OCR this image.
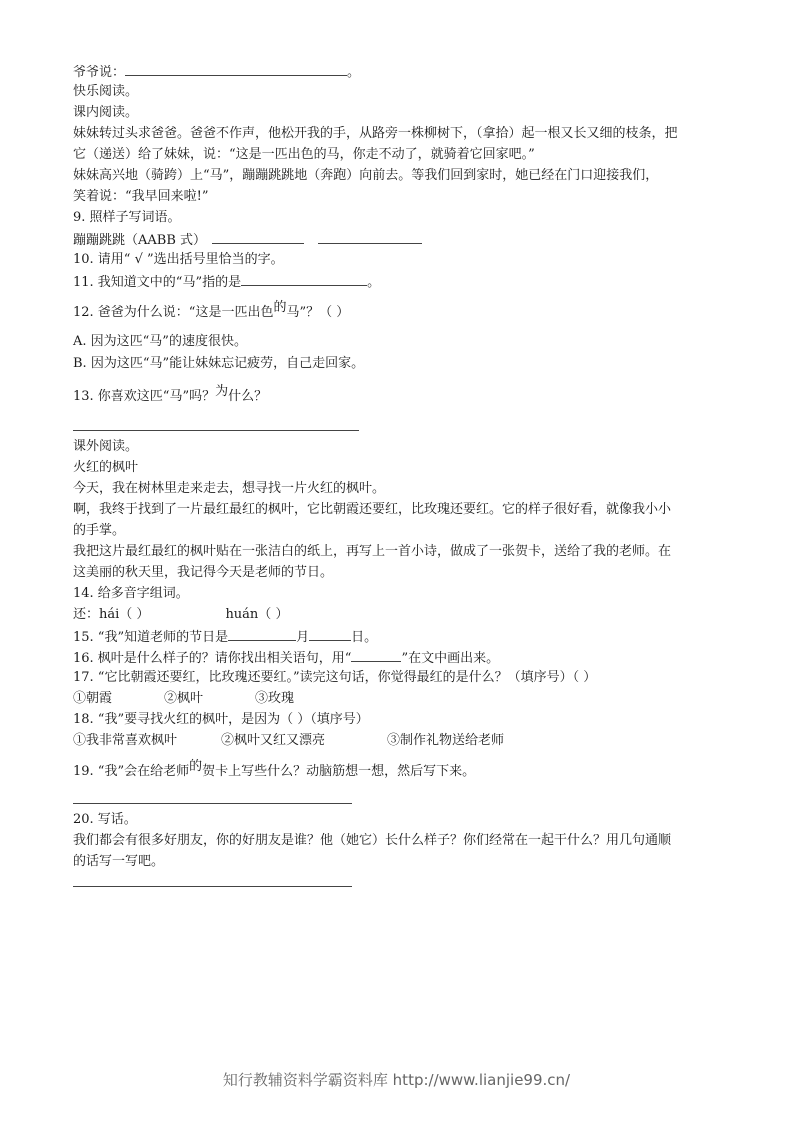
爷爷说：	。
快乐阅读。
课内阅读。
妹妹转过头求爸爸。爸爸不作声，他松开我的手，从路旁一株柳树下，（拿拾）起一根又长又细的枝条，把
它（递送）给了妹妹，说：“这是一匹出色的马，你走不动了，就骑着它回家吧。”
妹妹高兴地（骑跨）上“马”，蹦蹦跳跳地（奔跑）向前去。等我们回到家时，她已经在门口迎接我们，
笑着说：“我早回来啦!”
9. 照样子写词语。
蹦蹦跳跳（AABB 式）
10. 请用“ √ ”选出括号里恰当的字。
11. 我知道文中的“马”指的是	。
12. 爸爸为什么说：“这是一匹出色的马”？（ ）
A. 因为这匹“马”的速度很快。
B. 因为这匹“马”能让妹妹忘记疲劳，自己走回家。
13. 你喜欢这匹“马”吗？为什么？
课外阅读。
火红的枫叶
今天，我在树林里走来走去，想寻找一片火红的枫叶。
啊，我终于找到了一片最红最红的枫叶，它比朝霞还要红，比玫瑰还要红。它的样子很好看，就像我小小
的手掌。
我把这片最红最红的枫叶贴在一张洁白的纸上，再写上一首小诗，做成了一张贺卡，送给了我的老师。在
这美丽的秋天里，我记得今天是老师的节日。
14. 给多音字组词。
还：hái（ ）	huán（ ）
15. “我”知道老师的节日是	月	日。
16. 枫叶是什么样子的？请你找出相关语句，用“	”在文中画出来。
17. “它比朝霞还要红，比玫瑰还要红。”读完这句话，你觉得最红的是什么？（填序号）（ ）
①朝霞	②枫叶	③玫瑰
18. “我”要寻找火红的枫叶，是因为（ ）（填序号）
①我非常喜欢枫叶	②枫叶又红又漂亮	③制作礼物送给老师
19. “我”会在给老师的贺卡上写些什么？动脑筋想一想，然后写下来。
20. 写话。
我们都会有很多好朋友，你的好朋友是谁？他（她它）长什么样子？你们经常在一起干什么？用几句通顺
的话写一写吧。
知行教辅资料学霸资料库 http://www.lianjie99.cn/
